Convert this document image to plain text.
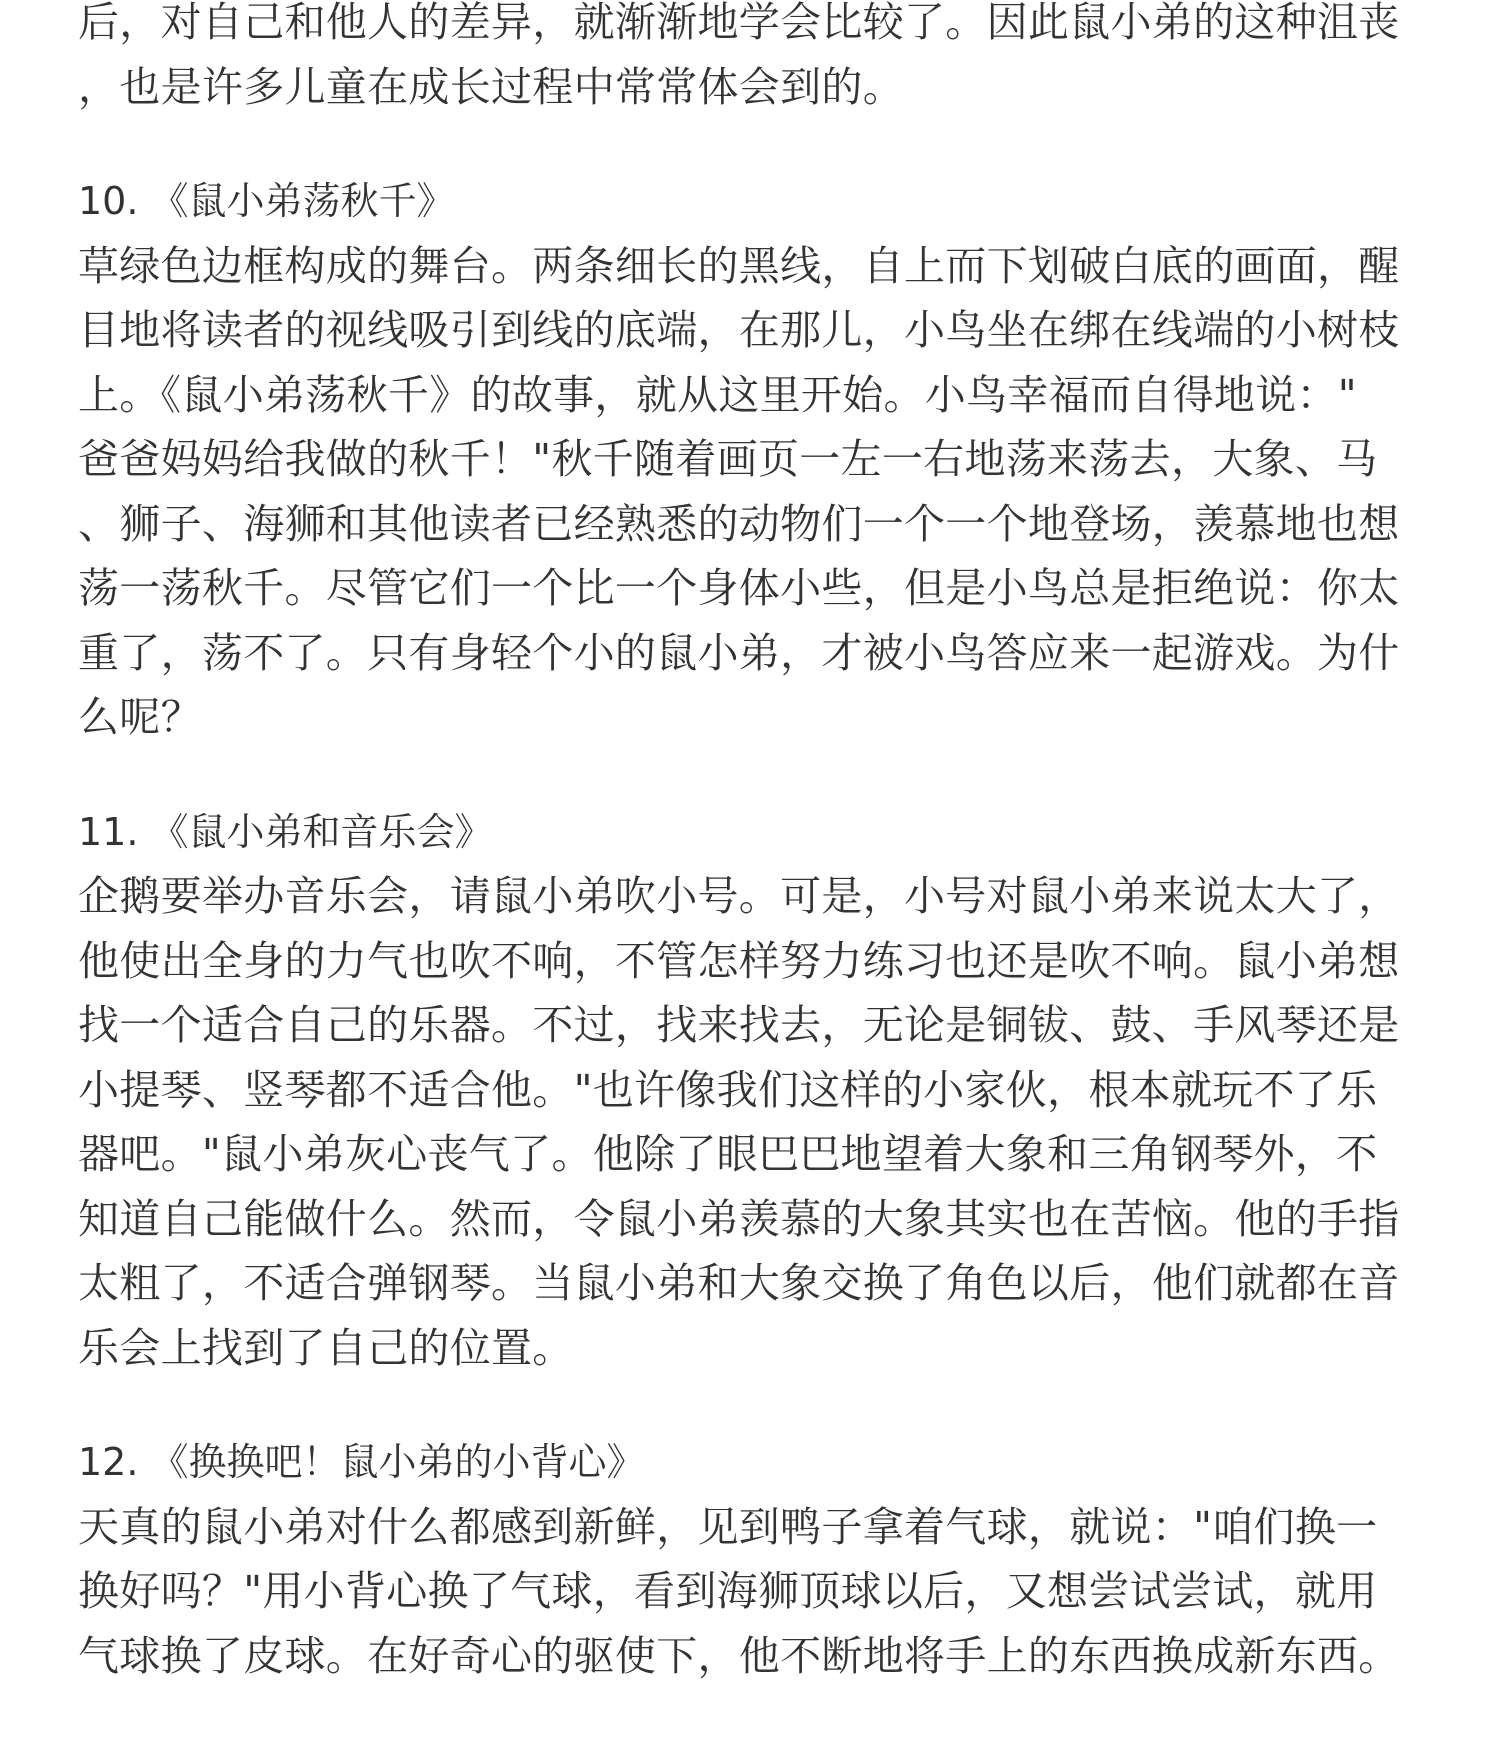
后，对自己和他人的差异，就渐渐地学会比较了。因此鼠小弟的这种沮丧
，也是许多儿童在成长过程中常常体会到的。
10. 《鼠小弟荡秋千》
草绿色边框构成的舞台。两条细长的黑线，自上而下划破白底的画面，醒
目地将读者的视线吸引到线的底端，在那儿，小鸟坐在绑在线端的小树枝
上。《鼠小弟荡秋千》的故事，就从这里开始。小鸟幸福而自得地说："
爸爸妈妈给我做的秋千！"秋千随着画页一左一右地荡来荡去，大象、马
、狮子、海狮和其他读者已经熟悉的动物们一个一个地登场，羡慕地也想
荡一荡秋千。尽管它们一个比一个身体小些，但是小鸟总是拒绝说：你太
重了，荡不了。只有身轻个小的鼠小弟，才被小鸟答应来一起游戏。为什
么呢？
11. 《鼠小弟和音乐会》
企鹅要举办音乐会，请鼠小弟吹小号。可是，小号对鼠小弟来说太大了，
他使出全身的力气也吹不响，不管怎样努力练习也还是吹不响。鼠小弟想
找一个适合自己的乐器。不过，找来找去，无论是铜钹、鼓、手风琴还是
小提琴、竖琴都不适合他。"也许像我们这样的小家伙，根本就玩不了乐
器吧。"鼠小弟灰心丧气了。他除了眼巴巴地望着大象和三角钢琴外，不
知道自己能做什么。然而，令鼠小弟羡慕的大象其实也在苦恼。他的手指
太粗了，不适合弹钢琴。当鼠小弟和大象交换了角色以后，他们就都在音
乐会上找到了自己的位置。
12. 《换换吧！鼠小弟的小背心》
天真的鼠小弟对什么都感到新鲜，见到鸭子拿着气球，就说："咱们换一
换好吗？"用小背心换了气球，看到海狮顶球以后，又想尝试尝试，就用
气球换了皮球。在好奇心的驱使下，他不断地将手上的东西换成新东西。
